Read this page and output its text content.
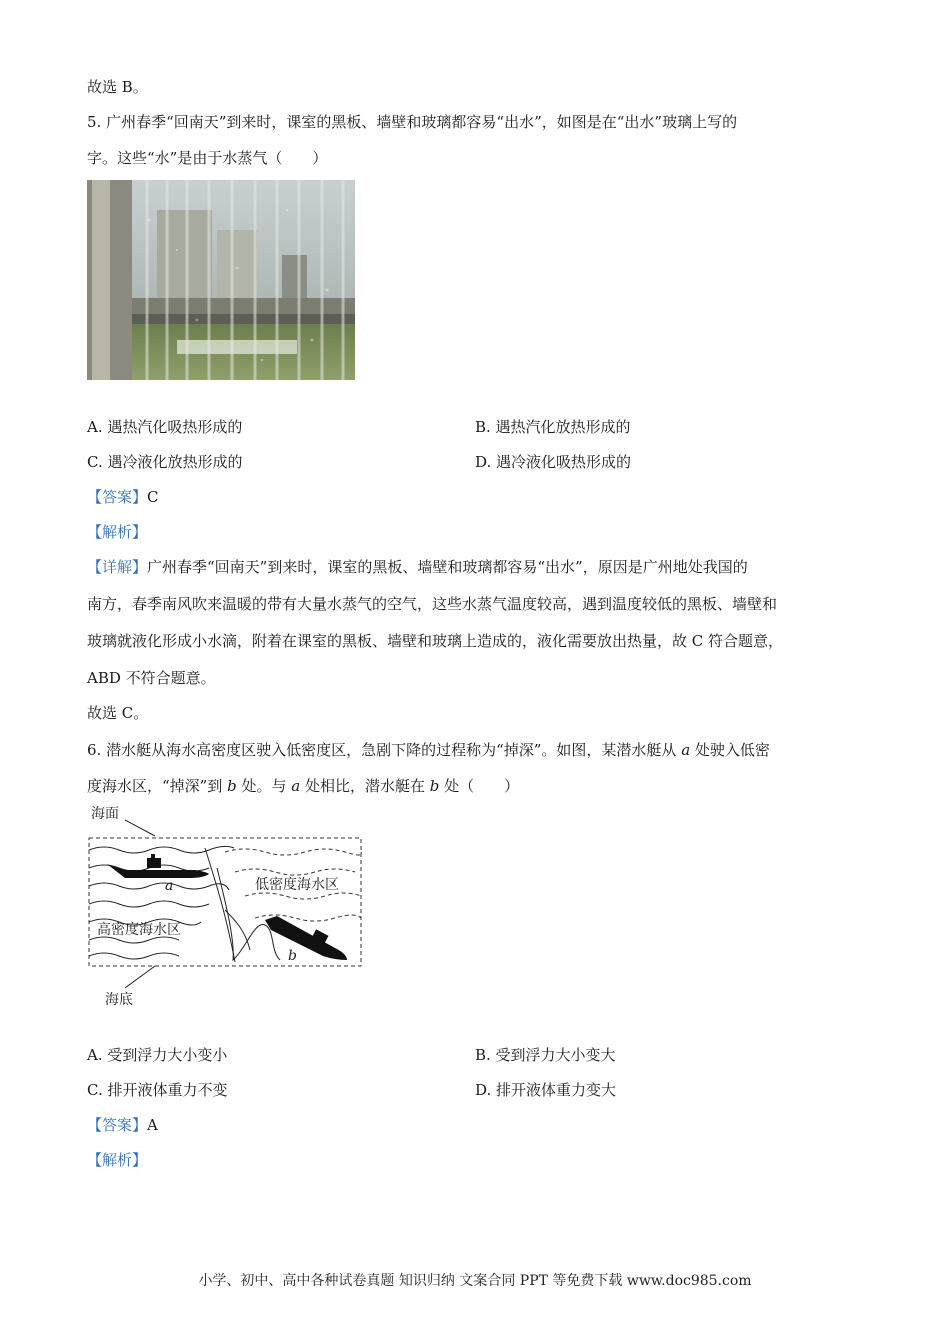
故选 B。
5. 广州春季“回南天”到来时，课室的黑板、墙壁和玻璃都容易“出水”，如图是在“出水”玻璃上写的
字。这些“水”是由于水蒸气（　　）
A. 遇热汽化吸热形成的	B. 遇热汽化放热形成的
C. 遇冷液化放热形成的	D. 遇冷液化吸热形成的
【答案】C
【解析】
【详解】广州春季“回南天”到来时，课室的黑板、墙壁和玻璃都容易“出水”，原因是广州地处我国的
南方，春季南风吹来温暖的带有大量水蒸气的空气，这些水蒸气温度较高，遇到温度较低的黑板、墙壁和
玻璃就液化形成小水滴，附着在课室的黑板、墙壁和玻璃上造成的，液化需要放出热量，故 C 符合题意，
ABD 不符合题意。
故选 C。
6. 潜水艇从海水高密度区驶入低密度区，急剧下降的过程称为“掉深”。如图，某潜水艇从 a 处驶入低密
度海水区，“掉深”到 b 处。与 a 处相比，潜水艇在 b 处（　　）
海面
低密度海水区
高密度海水区
海底
a
b
A. 受到浮力大小变小	B. 受到浮力大小变大
C. 排开液体重力不变	D. 排开液体重力变大
【答案】A
【解析】
小学、初中、高中各种试卷真题 知识归纳 文案合同 PPT 等免费下载 www.doc985.com
